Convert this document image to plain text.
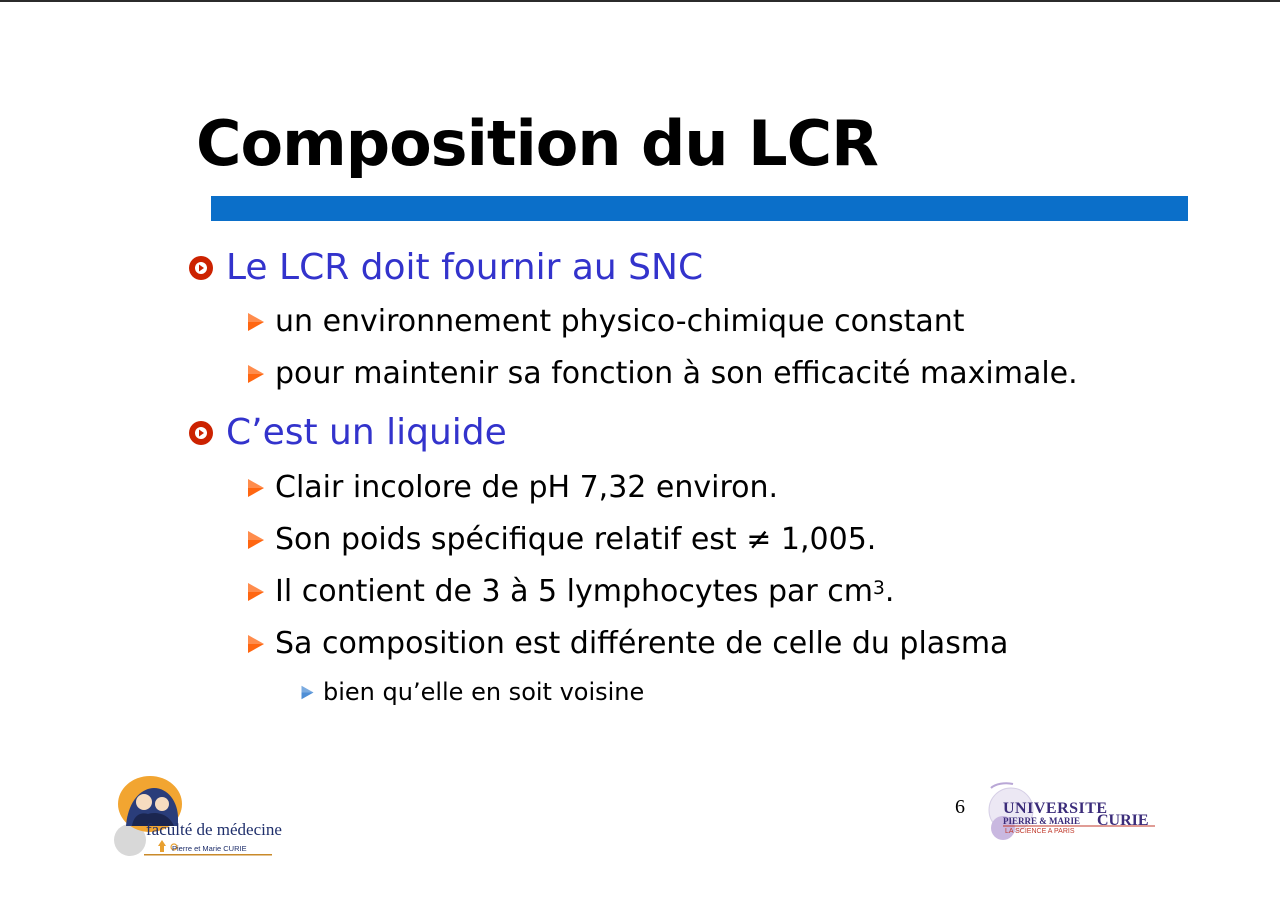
Composition du LCR
Le LCR doit fournir au SNC
un environnement physico-chimique constant
pour maintenir sa fonction à son efficacité maximale.
C’est un liquide
Clair incolore de pH 7,32 environ.
Son poids spécifique relatif est ≠ 1,005.
Il contient de 3 à 5 lymphocytes par $cm^3$ .
Sa composition est différente de celle du plasma
bien qu’elle en soit voisine
6
faculté de médecine
Pierre et Marie CURIE
UNIVERSITE
PIERRE & MARIE CURIE
LA SCIENCE A PARIS
